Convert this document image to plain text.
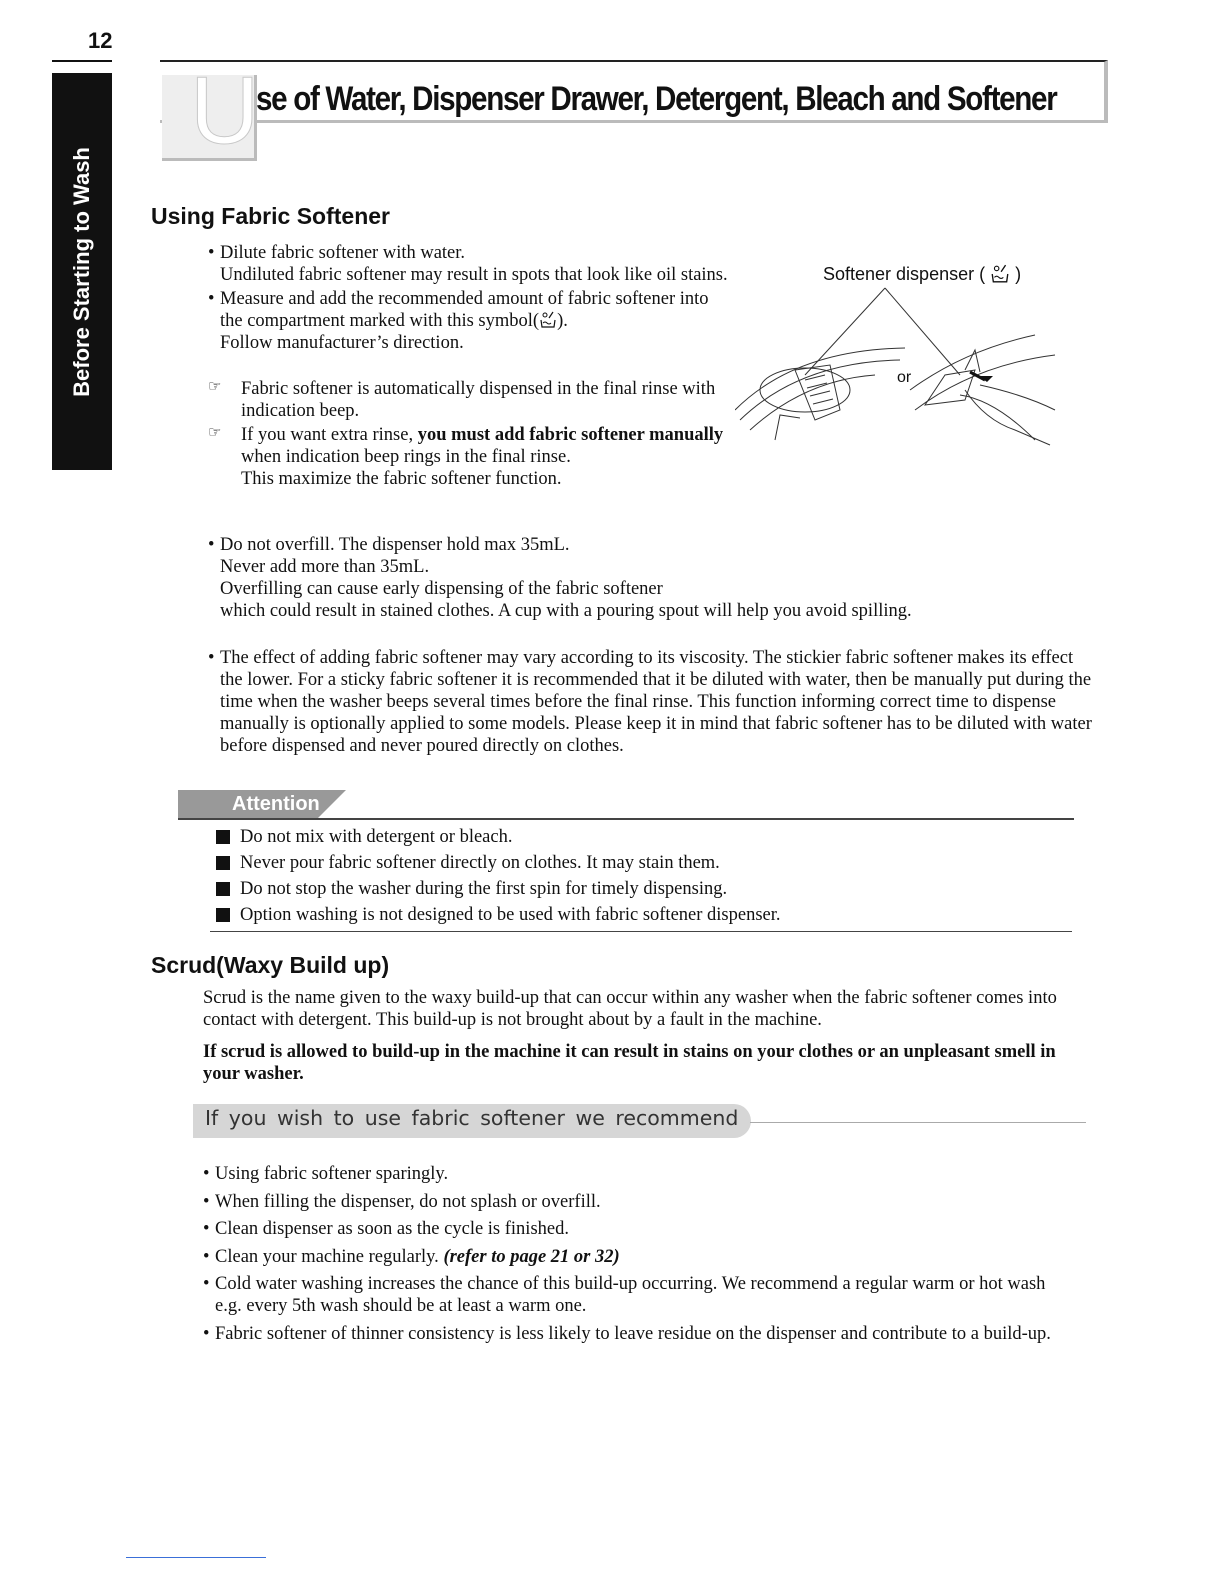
12
Before Starting to Wash
U
se of Water, Dispenser Drawer, Detergent, Bleach and Softener
Using Fabric Softener
• Dilute fabric softener with water.
Undiluted fabric softener may result in spots that look like oil stains.
• Measure and add the recommended amount of fabric softener into the compartment marked with this symbol( ).
Follow manufacturer’s direction.
☞ Fabric softener is automatically dispensed in the final rinse with indication beep.
☞ If you want extra rinse, you must add fabric softener manually when indication beep rings in the final rinse.
This maximize the fabric softener function.
Softener dispenser ( )
or
• Do not overfill. The dispenser hold max 35mL.
Never add more than 35mL.
Overfilling can cause early dispensing of the fabric softener
which could result in stained clothes. A cup with a pouring spout will help you avoid spilling.
• The effect of adding fabric softener may vary according to its viscosity. The stickier fabric softener makes its effect the lower. For a sticky fabric softener it is recommended that it be diluted with water, then be manually put during the time when the washer beeps several times before the final rinse. This function informing correct time to dispense manually is optionally applied to some models. Please keep it in mind that fabric softener has to be diluted with water before dispensed and never poured directly on clothes.
Attention
Do not mix with detergent or bleach.
Never pour fabric softener directly on clothes. It may stain them.
Do not stop the washer during the first spin for timely dispensing.
Option washing is not designed to be used with fabric softener dispenser.
Scrud(Waxy Build up)
Scrud is the name given to the waxy build-up that can occur within any washer when the fabric softener comes into contact with detergent. This build-up is not brought about by a fault in the machine.
If scrud is allowed to build-up in the machine it can result in stains on your clothes or an unpleasant smell in your washer.
If you wish to use fabric softener we recommend
• Using fabric softener sparingly.
• When filling the dispenser, do not splash or overfill.
• Clean dispenser as soon as the cycle is finished.
• Clean your machine regularly. (refer to page 21 or 32)
• Cold water washing increases the chance of this build-up occurring. We recommend a regular warm or hot wash e.g. every 5th wash should be at least a warm one.
• Fabric softener of thinner consistency is less likely to leave residue on the dispenser and contribute to a build-up.
